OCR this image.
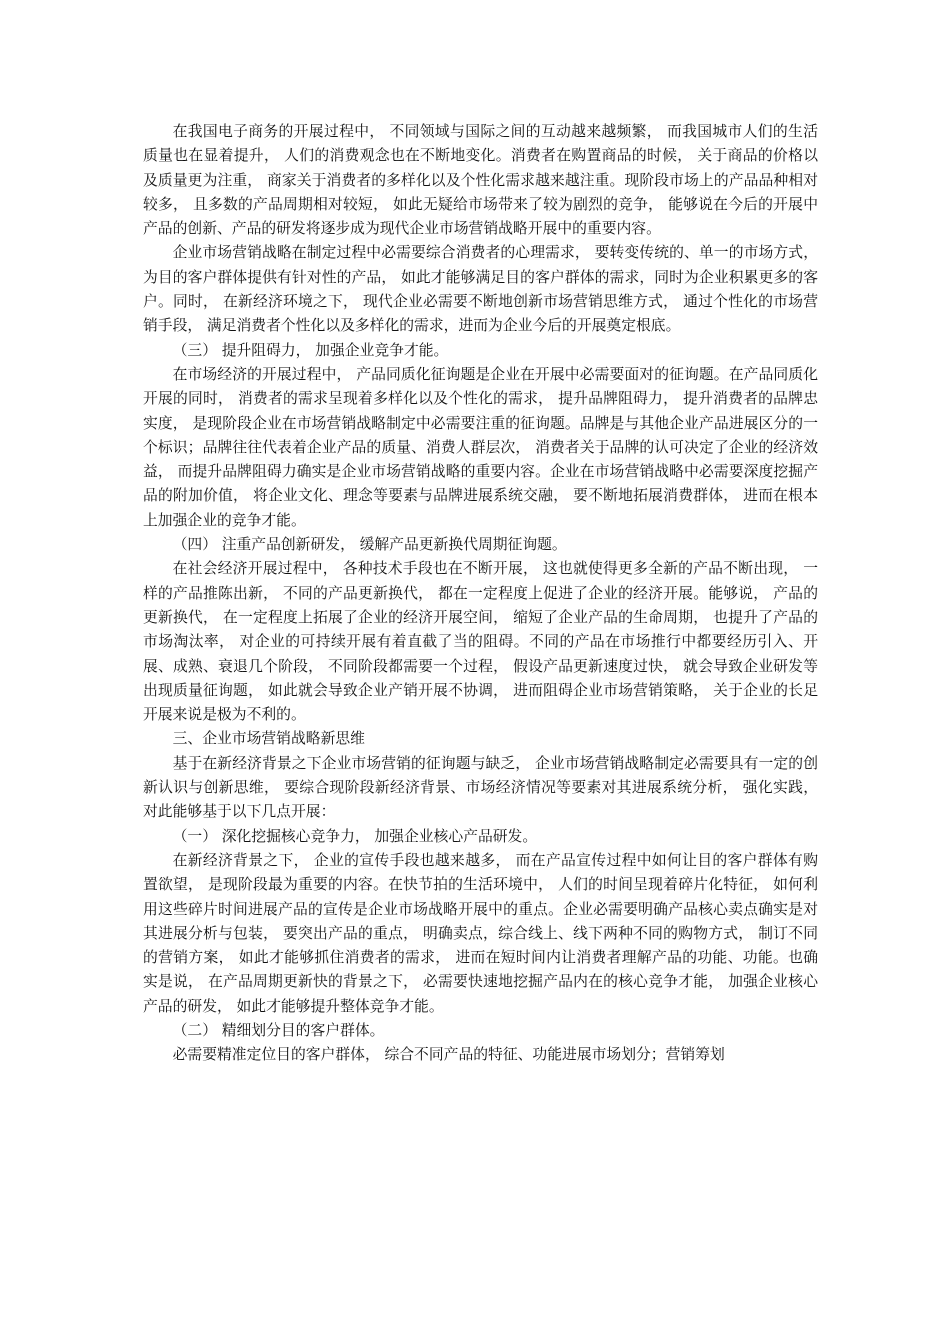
在我国电子商务的开展过程中， 不同领域与国际之间的互动越来越频繁， 而我国城市人们的生活质量也在显着提升， 人们的消费观念也在不断地变化。消费者在购置商品的时候， 关于商品的价格以及质量更为注重， 商家关于消费者的多样化以及个性化需求越来越注重。现阶段市场上的产品品种相对较多， 且多数的产品周期相对较短， 如此无疑给市场带来了较为剧烈的竞争， 能够说在今后的开展中产品的创新、产品的研发将逐步成为现代企业市场营销战略开展中的重要内容。

企业市场营销战略在制定过程中必需要综合消费者的心理需求， 要转变传统的、单一的市场方式， 为目的客户群体提供有针对性的产品， 如此才能够满足目的客户群体的需求，同时为企业积累更多的客户。同时， 在新经济环境之下， 现代企业必需要不断地创新市场营销思维方式， 通过个性化的市场营销手段， 满足消费者个性化以及多样化的需求，进而为企业今后的开展奠定根底。

（三） 提升阻碍力， 加强企业竞争才能。

在市场经济的开展过程中， 产品同质化征询题是企业在开展中必需要面对的征询题。在产品同质化开展的同时， 消费者的需求呈现着多样化以及个性化的需求， 提升品牌阻碍力， 提升消费者的品牌忠实度， 是现阶段企业在市场营销战略制定中必需要注重的征询题。品牌是与其他企业产品进展区分的一个标识；品牌往往代表着企业产品的质量、消费人群层次， 消费者关于品牌的认可决定了企业的经济效益， 而提升品牌阻碍力确实是企业市场营销战略的重要内容。企业在市场营销战略中必需要深度挖掘产品的附加价值， 将企业文化、理念等要素与品牌进展系统交融， 要不断地拓展消费群体， 进而在根本上加强企业的竞争才能。

（四） 注重产品创新研发， 缓解产品更新换代周期征询题。

在社会经济开展过程中， 各种技术手段也在不断开展， 这也就使得更多全新的产品不断出现， 一样的产品推陈出新， 不同的产品更新换代， 都在一定程度上促进了企业的经济开展。能够说， 产品的更新换代， 在一定程度上拓展了企业的经济开展空间， 缩短了企业产品的生命周期， 也提升了产品的市场淘汰率， 对企业的可持续开展有着直截了当的阻碍。不同的产品在市场推行中都要经历引入、开展、成熟、衰退几个阶段， 不同阶段都需要一个过程， 假设产品更新速度过快， 就会导致企业研发等出现质量征询题， 如此就会导致企业产销开展不协调， 进而阻碍企业市场营销策略， 关于企业的长足开展来说是极为不利的。

三、企业市场营销战略新思维

基于在新经济背景之下企业市场营销的征询题与缺乏， 企业市场营销战略制定必需要具有一定的创新认识与创新思维， 要综合现阶段新经济背景、市场经济情况等要素对其进展系统分析， 强化实践， 对此能够基于以下几点开展：

（一） 深化挖掘核心竞争力， 加强企业核心产品研发。

在新经济背景之下， 企业的宣传手段也越来越多， 而在产品宣传过程中如何让目的客户群体有购置欲望， 是现阶段最为重要的内容。在快节拍的生活环境中， 人们的时间呈现着碎片化特征， 如何利用这些碎片时间进展产品的宣传是企业市场战略开展中的重点。企业必需要明确产品核心卖点确实是对其进展分析与包装， 要突出产品的重点， 明确卖点，综合线上、线下两种不同的购物方式， 制订不同的营销方案， 如此才能够抓住消费者的需求， 进而在短时间内让消费者理解产品的功能、功能。也确实是说， 在产品周期更新快的背景之下， 必需要快速地挖掘产品内在的核心竞争才能， 加强企业核心产品的研发， 如此才能够提升整体竞争才能。

（二） 精细划分目的客户群体。

必需要精准定位目的客户群体， 综合不同产品的特征、功能进展市场划分；营销筹划
